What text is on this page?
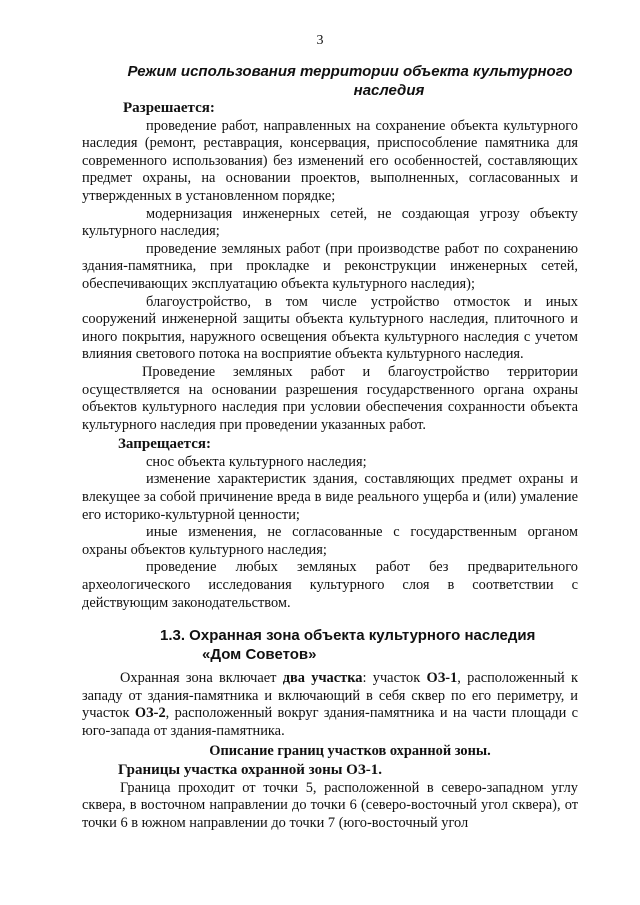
3
Режим использования территории объекта культурного
наследия
Разрешается:

проведение работ, направленных на сохранение объекта культурного наследия (ремонт, реставрация, консервация, приспособление памятника для современного использования) без изменений его особенностей, составляющих предмет охраны, на основании проектов, выполненных, согласованных и утвержденных в установленном порядке;

модернизация инженерных сетей, не создающая угрозу объекту культурного наследия;

проведение земляных работ (при производстве работ по сохранению здания-памятника, при прокладке и реконструкции инженерных сетей, обеспечивающих эксплуатацию объекта культурного наследия);

благоустройство, в том числе устройство отмосток и иных сооружений инженерной защиты объекта культурного наследия, плиточного и иного покрытия, наружного освещения объекта культурного наследия с учетом влияния светового потока на восприятие объекта культурного наследия.

Проведение земляных работ и благоустройство территории осуществляется на основании разрешения государственного органа охраны объектов культурного наследия при условии обеспечения сохранности объекта культурного наследия при проведении указанных работ.

Запрещается:

снос объекта культурного наследия;

изменение характеристик здания, составляющих предмет охраны и влекущее за собой причинение вреда в виде реального ущерба и (или) умаление его историко-культурной ценности;

иные изменения, не согласованные с государственным органом охраны объектов культурного наследия;

проведение любых земляных работ без предварительного археологического исследования культурного слоя в соответствии с действующим законодательством.

1.3. Охранная зона объекта культурного наследия
«Дом Советов»

Охранная зона включает два участка: участок ОЗ-1, расположенный к западу от здания-памятника и включающий в себя сквер по его периметру, и участок ОЗ-2, расположенный вокруг здания-памятника и на части площади с юго-запада от здания-памятника.

Описание границ участков охранной зоны.
Границы участка охранной зоны ОЗ-1.

Граница проходит от точки 5, расположенной в северо-западном углу сквера, в восточном направлении до точки 6 (северо-восточный угол сквера), от точки 6 в южном направлении до точки 7 (юго-восточный угол
